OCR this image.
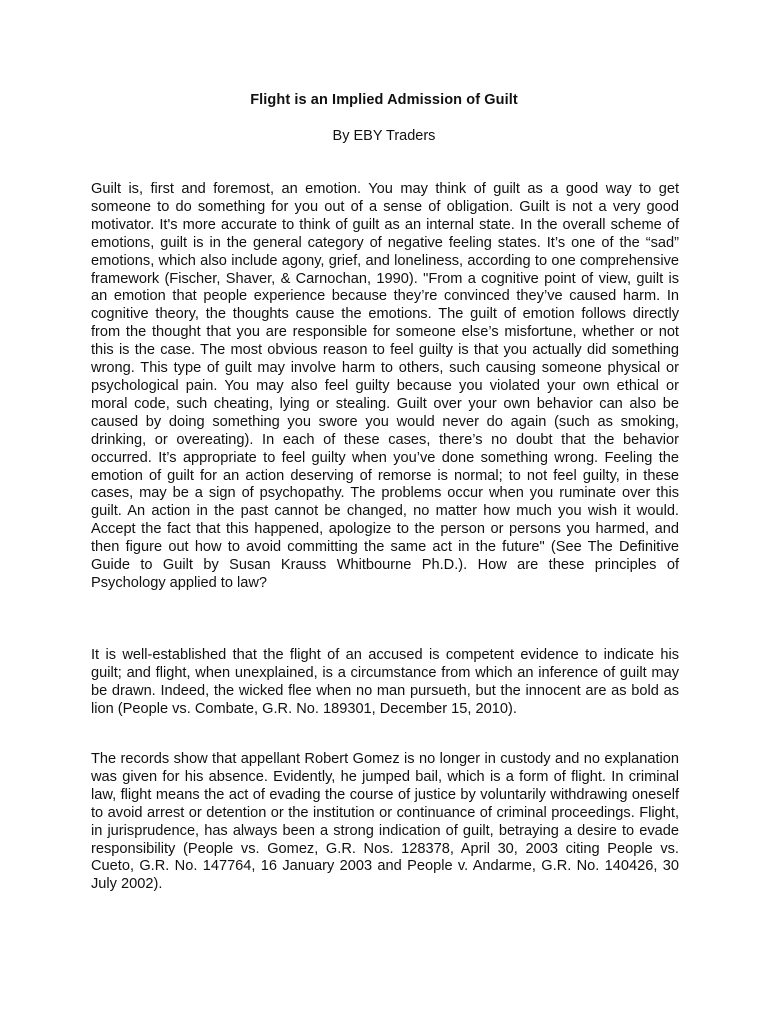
Flight is an Implied Admission of Guilt
By EBY Traders

Guilt is, first and foremost, an emotion. You may think of guilt as a good way to get someone to do something for you out of a sense of obligation. Guilt is not a very good motivator. It's more accurate to think of guilt as an internal state. In the overall scheme of emotions, guilt is in the general category of negative feeling states. It’s one of the “sad” emotions, which also include agony, grief, and loneliness, according to one comprehensive framework (Fischer, Shaver, & Carnochan, 1990). "From a cognitive point of view, guilt is an emotion that people experience because they’re convinced they’ve caused harm. In cognitive theory, the thoughts cause the emotions. The guilt of emotion follows directly from the thought that you are responsible for someone else’s misfortune, whether or not this is the case. The most obvious reason to feel guilty is that you actually did something wrong. This type of guilt may involve harm to others, such causing someone physical or psychological pain. You may also feel guilty because you violated your own ethical or moral code, such cheating, lying or stealing. Guilt over your own behavior can also be caused by doing something you swore you would never do again (such as smoking, drinking, or overeating). In each of these cases, there’s no doubt that the behavior occurred. It’s appropriate to feel guilty when you’ve done something wrong. Feeling the emotion of guilt for an action deserving of remorse is normal; to not feel guilty, in these cases, may be a sign of psychopathy. The problems occur when you ruminate over this guilt. An action in the past cannot be changed, no matter how much you wish it would. Accept the fact that this happened, apologize to the person or persons you harmed, and then figure out how to avoid committing the same act in the future" (See The Definitive Guide to Guilt by Susan Krauss Whitbourne Ph.D.). How are these principles of Psychology applied to law?

It is well-established that the flight of an accused is competent evidence to indicate his guilt; and flight, when unexplained, is a circumstance from which an inference of guilt may be drawn. Indeed, the wicked flee when no man pursueth, but the innocent are as bold as lion (People vs. Combate, G.R. No. 189301, December 15, 2010).

The records show that appellant Robert Gomez is no longer in custody and no explanation was given for his absence. Evidently, he jumped bail, which is a form of flight. In criminal law, flight means the act of evading the course of justice by voluntarily withdrawing oneself to avoid arrest or detention or the institution or continuance of criminal proceedings. Flight, in jurisprudence, has always been a strong indication of guilt, betraying a desire to evade responsibility (People vs. Gomez, G.R. Nos. 128378, April 30, 2003 citing People vs. Cueto, G.R. No. 147764, 16 January 2003 and People v. Andarme, G.R. No. 140426, 30 July 2002).
